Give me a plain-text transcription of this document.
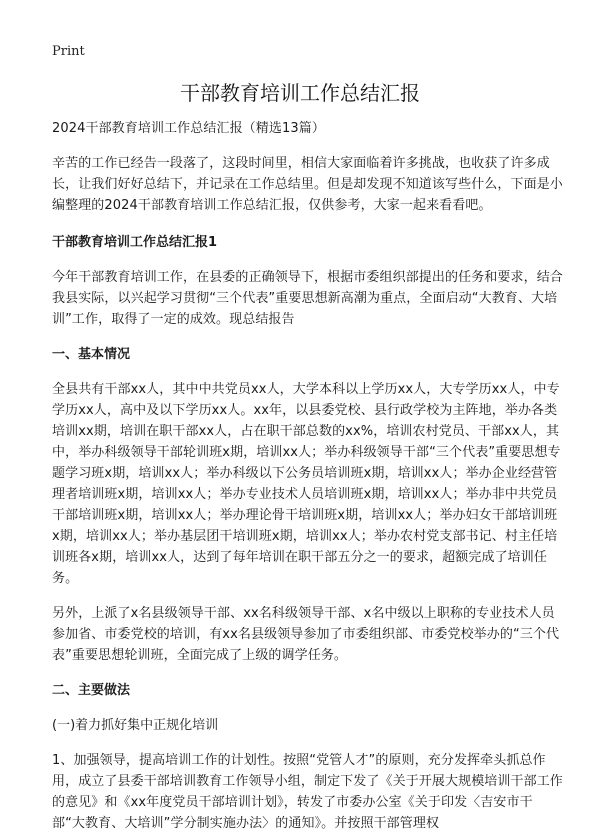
Print
干部教育培训工作总结汇报

2024干部教育培训工作总结汇报（精选13篇）

辛苦的工作已经告一段落了，这段时间里，相信大家面临着许多挑战，也收获了许多成长，让我们好好总结下，并记录在工作总结里。但是却发现不知道该写些什么，下面是小编整理的2024干部教育培训工作总结汇报，仅供参考，大家一起来看看吧。

干部教育培训工作总结汇报1

今年干部教育培训工作，在县委的正确领导下，根据市委组织部提出的任务和要求，结合我县实际，以兴起学习贯彻“三个代表”重要思想新高潮为重点，全面启动“大教育、大培训”工作，取得了一定的成效。现总结报告

一、基本情况

全县共有干部xx人，其中中共党员xx人，大学本科以上学历xx人，大专学历xx人，中专学历xx人，高中及以下学历xx人。xx年，以县委党校、县行政学校为主阵地，举办各类培训xx期，培训在职干部xx人，占在职干部总数的xx%，培训农村党员、干部xx人，其中，举办科级领导干部轮训班x期，培训xx人；举办科级领导干部“三个代表”重要思想专题学习班x期，培训xx人；举办科级以下公务员培训班x期，培训xx人；举办企业经营管理者培训班x期，培训xx人；举办专业技术人员培训班x期，培训xx人；举办非中共党员干部培训班x期，培训xx人；举办理论骨干培训班x期，培训xx人；举办妇女干部培训班x期，培训xx人；举办基层团干培训班x期，培训xx人；举办农村党支部书记、村主任培训班各x期，培训xx人，达到了每年培训在职干部五分之一的要求，超额完成了培训任务。

另外，上派了x名县级领导干部、xx名科级领导干部、x名中级以上职称的专业技术人员参加省、市委党校的培训，有xx名县级领导参加了市委组织部、市委党校举办的“三个代表”重要思想轮训班，全面完成了上级的调学任务。

二、主要做法

(一)着力抓好集中正规化培训

1、加强领导，提高培训工作的计划性。按照“党管人才”的原则，充分发挥牵头抓总作用，成立了县委干部培训教育工作领导小组，制定下发了《关于开展大规模培训干部工作的意见》和《xx年度党员干部培训计划》，转发了市委办公室《关于印发〈吉安市干部“大教育、大培训”学分制实施办法〉的通知》。并按照干部管理权
